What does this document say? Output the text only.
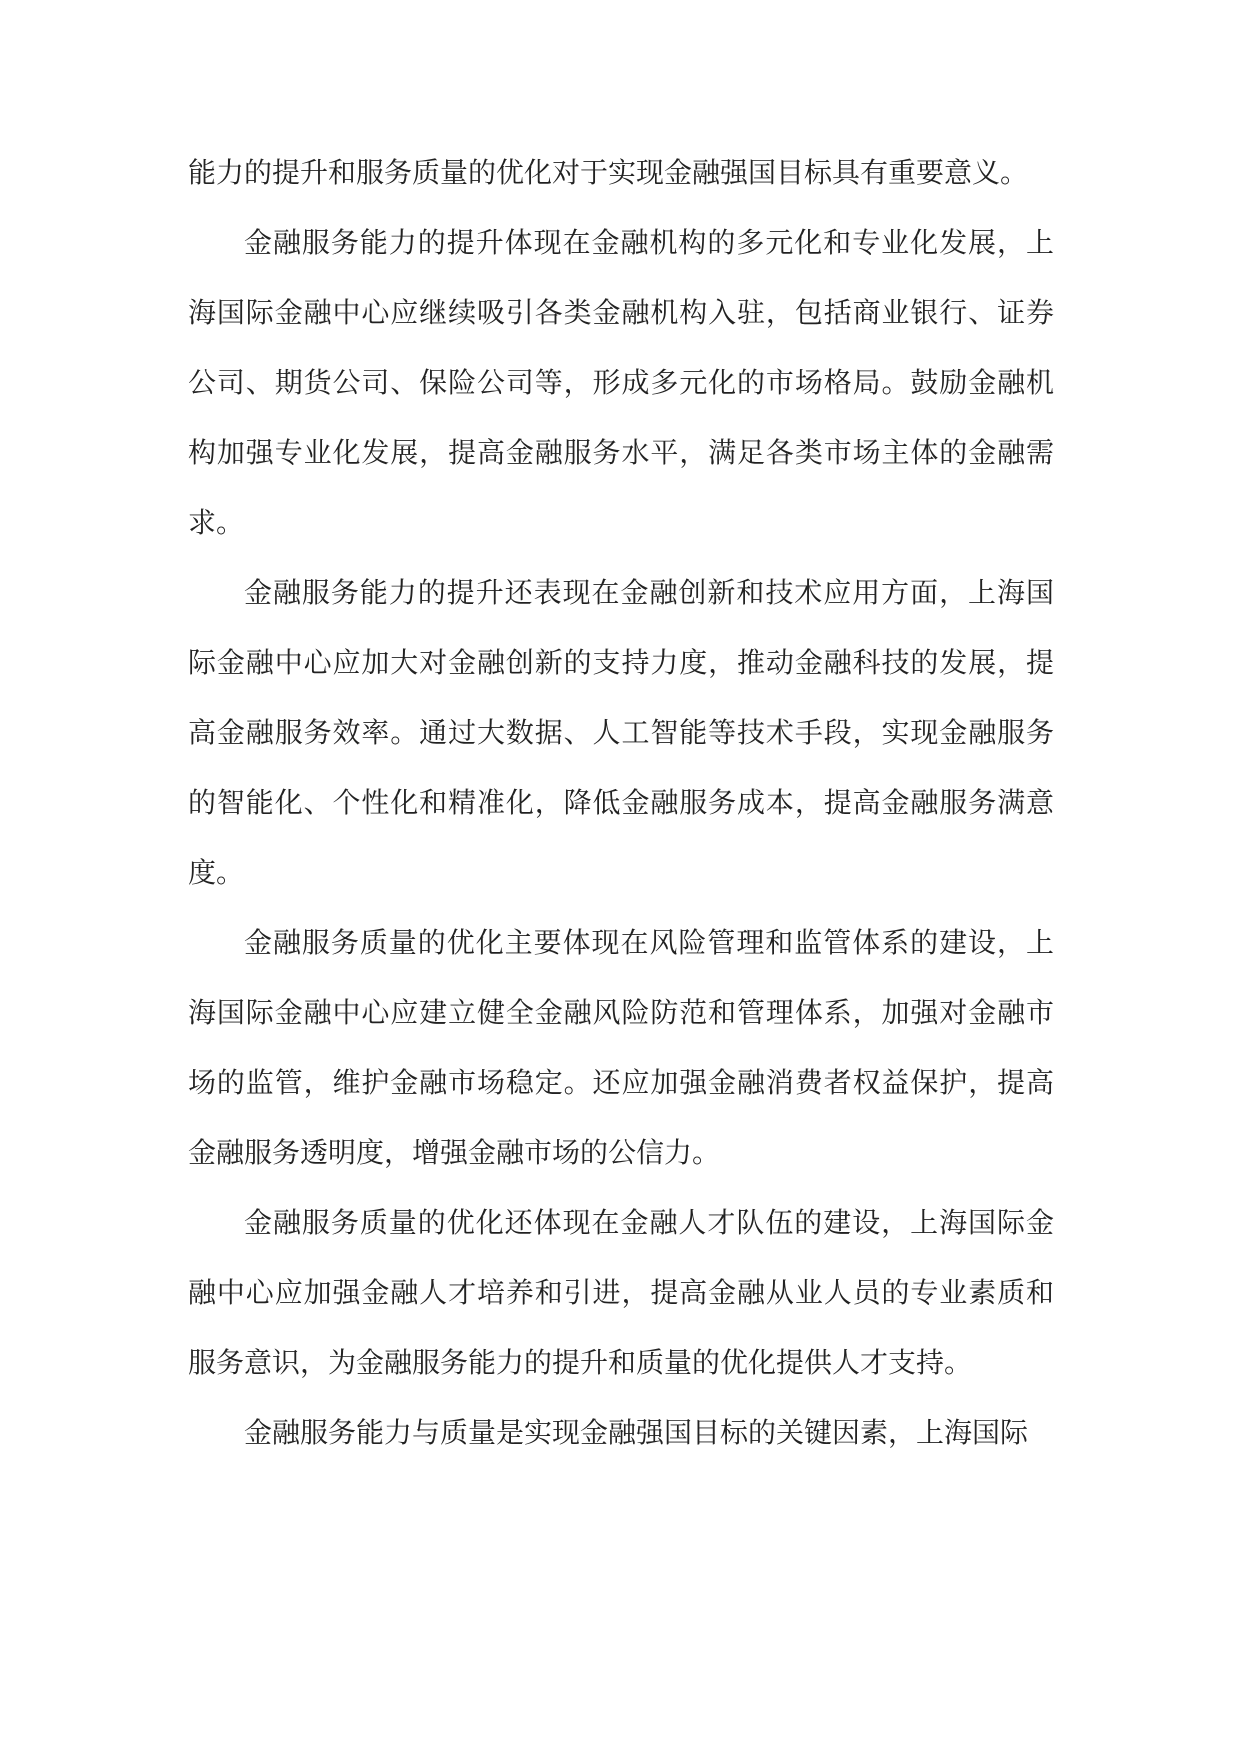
能力的提升和服务质量的优化对于实现金融强国目标具有重要意义。

金融服务能力的提升体现在金融机构的多元化和专业化发展，上海国际金融中心应继续吸引各类金融机构入驻，包括商业银行、证券公司、期货公司、保险公司等，形成多元化的市场格局。鼓励金融机构加强专业化发展，提高金融服务水平，满足各类市场主体的金融需求。

金融服务能力的提升还表现在金融创新和技术应用方面，上海国际金融中心应加大对金融创新的支持力度，推动金融科技的发展，提高金融服务效率。通过大数据、人工智能等技术手段，实现金融服务的智能化、个性化和精准化，降低金融服务成本，提高金融服务满意度。

金融服务质量的优化主要体现在风险管理和监管体系的建设，上海国际金融中心应建立健全金融风险防范和管理体系，加强对金融市场的监管，维护金融市场稳定。还应加强金融消费者权益保护，提高金融服务透明度，增强金融市场的公信力。

金融服务质量的优化还体现在金融人才队伍的建设，上海国际金融中心应加强金融人才培养和引进，提高金融从业人员的专业素质和服务意识，为金融服务能力的提升和质量的优化提供人才支持。

金融服务能力与质量是实现金融强国目标的关键因素，上海国际
